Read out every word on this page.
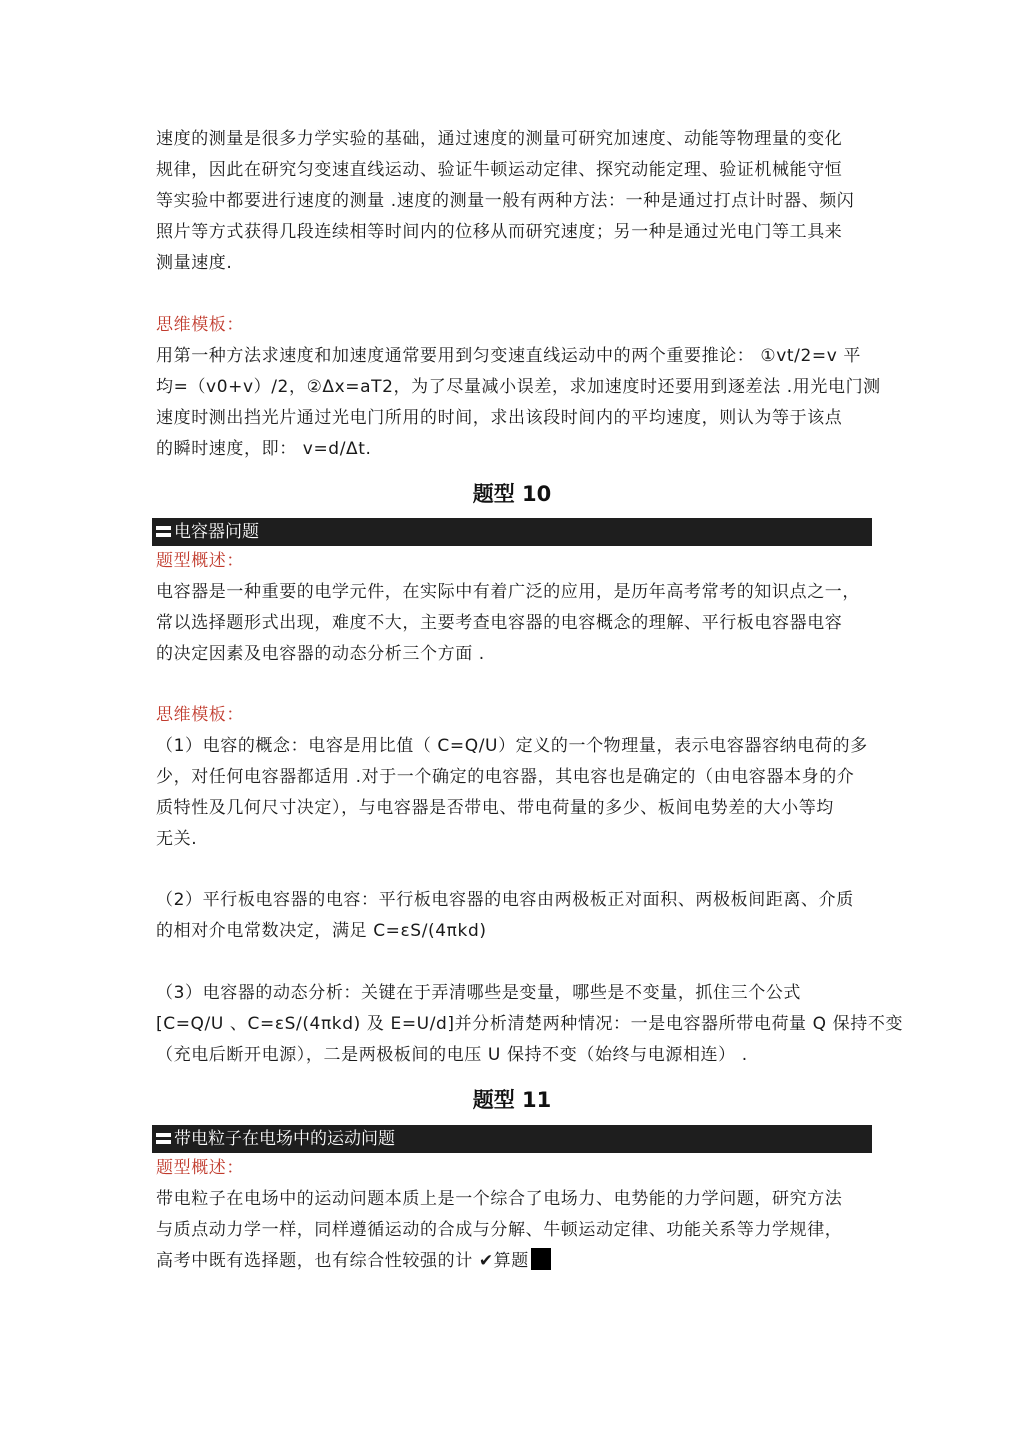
速度的测量是很多力学实验的基础，通过速度的测量可研究加速度、动能等物理量的变化
规律，因此在研究匀变速直线运动、验证牛顿运动定律、探究动能定理、验证机械能守恒
等实验中都要进行速度的测量 .速度的测量一般有两种方法：一种是通过打点计时器、频闪
照片等方式获得几段连续相等时间内的位移从而研究速度；另一种是通过光电门等工具来
测量速度.
思维模板：
用第一种方法求速度和加速度通常要用到匀变速直线运动中的两个重要推论： ①vt/2=v 平
均=（v0+v）/2，②Δx=aT2，为了尽量减小误差，求加速度时还要用到逐差法 .用光电门测
速度时测出挡光片通过光电门所用的时间，求出该段时间内的平均速度，则认为等于该点
的瞬时速度，即： v=d/Δt.
题型 10
电容器问题
题型概述：
电容器是一种重要的电学元件，在实际中有着广泛的应用，是历年高考常考的知识点之一，
常以选择题形式出现，难度不大，主要考查电容器的电容概念的理解、平行板电容器电容
的决定因素及电容器的动态分析三个方面 .
思维模板：
（1）电容的概念：电容是用比值（ C=Q/U）定义的一个物理量，表示电容器容纳电荷的多
少，对任何电容器都适用 .对于一个确定的电容器，其电容也是确定的（由电容器本身的介
质特性及几何尺寸决定），与电容器是否带电、带电荷量的多少、板间电势差的大小等均
无关.
（2）平行板电容器的电容：平行板电容器的电容由两极板正对面积、两极板间距离、介质
的相对介电常数决定，满足 C=εS/(4πkd)
（3）电容器的动态分析：关键在于弄清哪些是变量，哪些是不变量，抓住三个公式
[C=Q/U 、C=εS/(4πkd) 及 E=U/d]并分析清楚两种情况：一是电容器所带电荷量 Q 保持不变
（充电后断开电源），二是两极板间的电压 U 保持不变（始终与电源相连） .
题型 11
带电粒子在电场中的运动问题
题型概述：
带电粒子在电场中的运动问题本质上是一个综合了电场力、电势能的力学问题，研究方法
与质点动力学一样，同样遵循运动的合成与分解、牛顿运动定律、功能关系等力学规律，
高考中既有选择题，也有综合性较强的计 ✔算题
